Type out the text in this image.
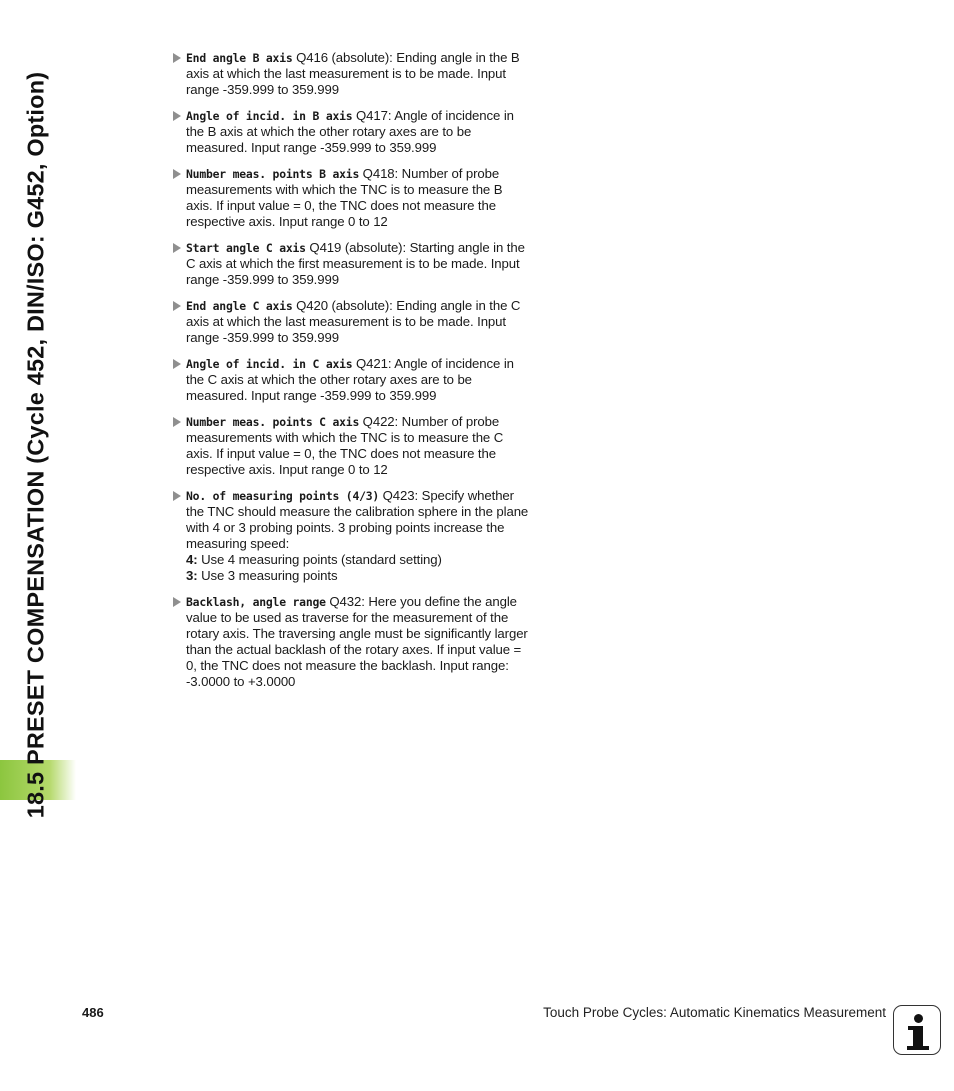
18.5 PRESET COMPENSATION (Cycle 452, DIN/ISO: G452, Option)
End angle B axis Q416 (absolute): Ending angle in the B axis at which the last measurement is to be made. Input range -359.999 to 359.999
Angle of incid. in B axis Q417: Angle of incidence in the B axis at which the other rotary axes are to be measured. Input range -359.999 to 359.999
Number meas. points B axis Q418: Number of probe measurements with which the TNC is to measure the B axis. If input value = 0, the TNC does not measure the respective axis. Input range 0 to 12
Start angle C axis Q419 (absolute): Starting angle in the C axis at which the first measurement is to be made. Input range -359.999 to 359.999
End angle C axis Q420 (absolute): Ending angle in the C axis at which the last measurement is to be made. Input range -359.999 to 359.999
Angle of incid. in C axis Q421: Angle of incidence in the C axis at which the other rotary axes are to be measured. Input range -359.999 to 359.999
Number meas. points C axis Q422: Number of probe measurements with which the TNC is to measure the C axis. If input value = 0, the TNC does not measure the respective axis. Input range 0 to 12
No. of measuring points (4/3) Q423: Specify whether the TNC should measure the calibration sphere in the plane with 4 or 3 probing points. 3 probing points increase the measuring speed:
4: Use 4 measuring points (standard setting)
3: Use 3 measuring points
Backlash, angle range Q432: Here you define the angle value to be used as traverse for the measurement of the rotary axis. The traversing angle must be significantly larger than the actual backlash of the rotary axes. If input value = 0, the TNC does not measure the backlash. Input range: -3.0000 to +3.0000
486	Touch Probe Cycles: Automatic Kinematics Measurement
